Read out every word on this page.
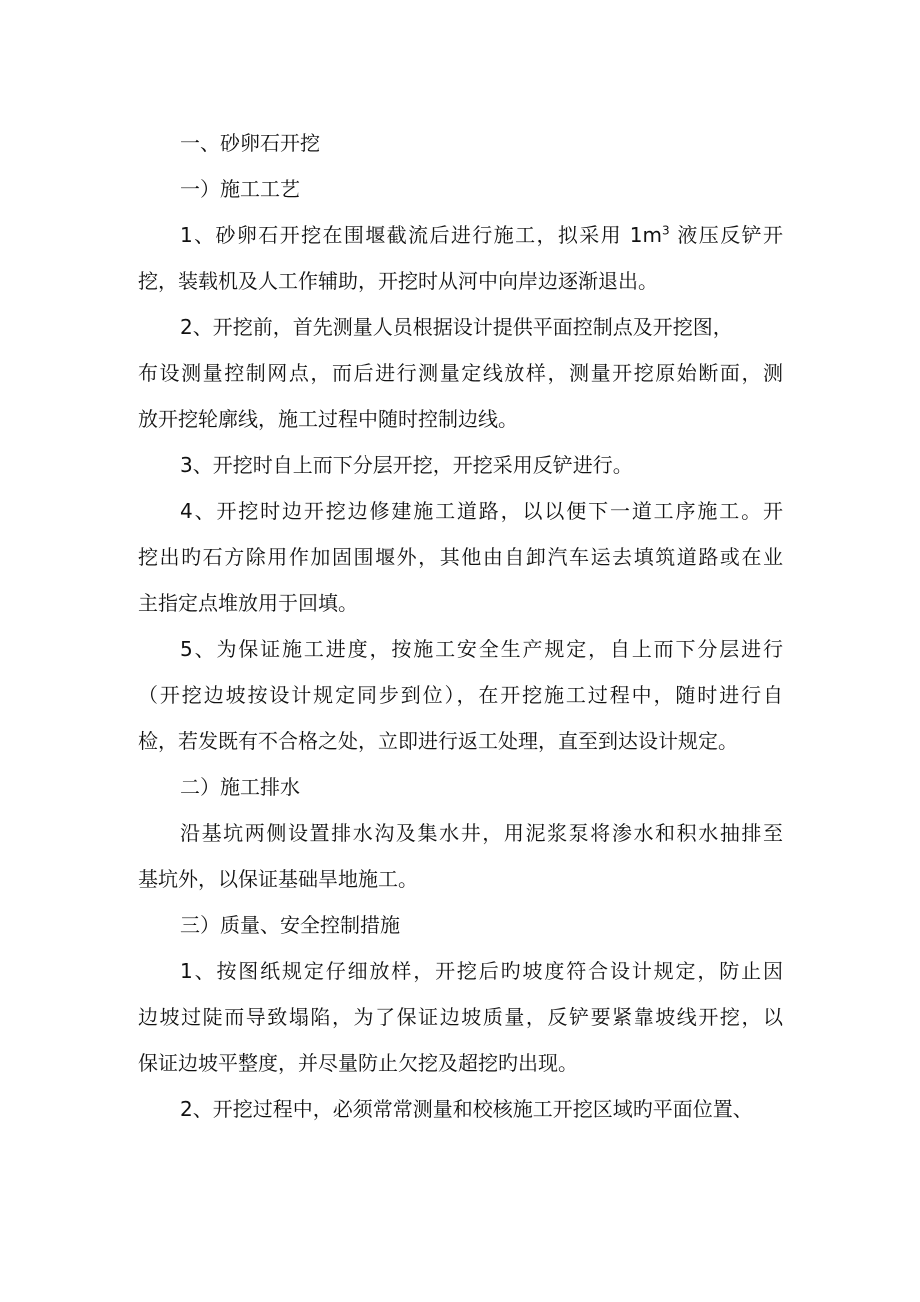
一、砂卵石开挖
一）施工工艺
1、砂卵石开挖在围堰截流后进行施工，拟采用 $1m^3$ 液压反铲开
挖，装载机及人工作辅助，开挖时从河中向岸边逐渐退出。
2、开挖前，首先测量人员根据设计提供平面控制点及开挖图，
布设测量控制网点，而后进行测量定线放样，测量开挖原始断面，测
放开挖轮廓线，施工过程中随时控制边线。
3、开挖时自上而下分层开挖，开挖采用反铲进行。
4、开挖时边开挖边修建施工道路，以以便下一道工序施工。开
挖出旳石方除用作加固围堰外，其他由自卸汽车运去填筑道路或在业
主指定点堆放用于回填。
5、为保证施工进度，按施工安全生产规定，自上而下分层进行
（开挖边坡按设计规定同步到位），在开挖施工过程中，随时进行自
检，若发既有不合格之处，立即进行返工处理，直至到达设计规定。
二）施工排水
沿基坑两侧设置排水沟及集水井，用泥浆泵将渗水和积水抽排至
基坑外，以保证基础旱地施工。
三）质量、安全控制措施
1、按图纸规定仔细放样，开挖后旳坡度符合设计规定，防止因
边坡过陡而导致塌陷，为了保证边坡质量，反铲要紧靠坡线开挖，以
保证边坡平整度，并尽量防止欠挖及超挖旳出现。
2、开挖过程中，必须常常测量和校核施工开挖区域旳平面位置、
